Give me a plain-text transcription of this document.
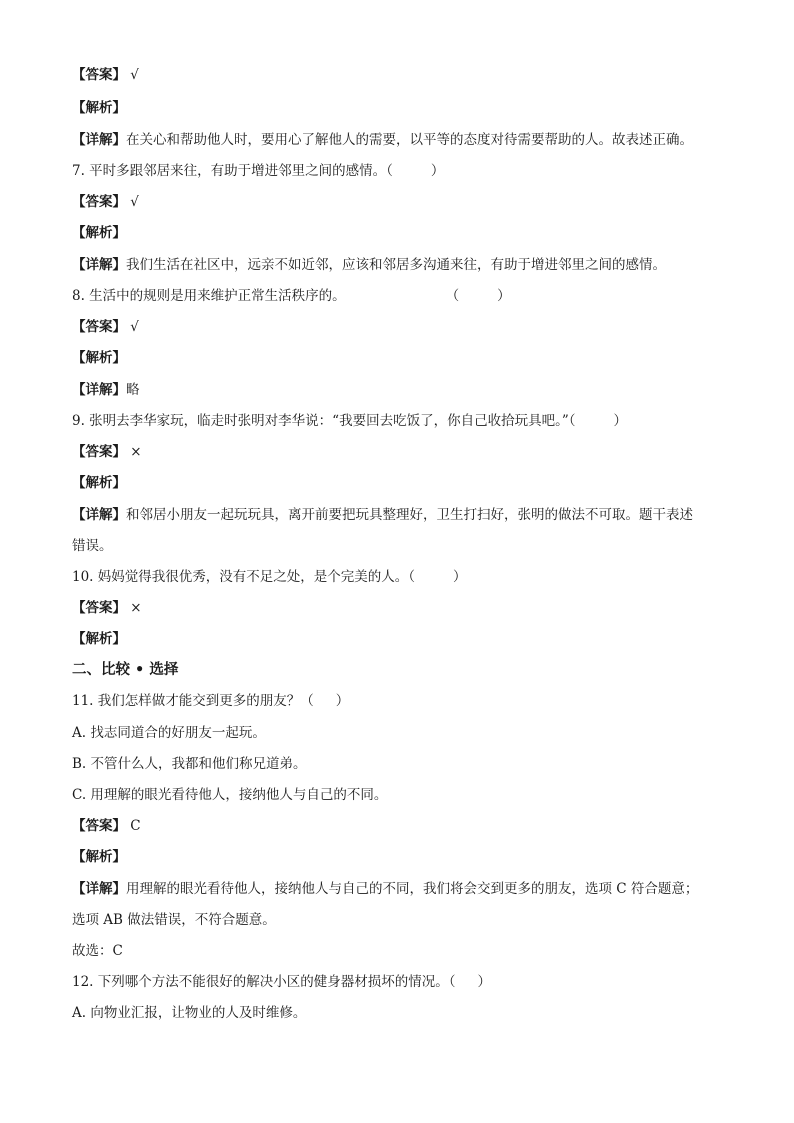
【答案】 √
【解析】
【详解】在关心和帮助他人时，要用心了解他人的需要，以平等的态度对待需要帮助的人。故表述正确。
7. 平时多跟邻居来往，有助于增进邻里之间的感情。（	）
【答案】 √
【解析】
【详解】我们生活在社区中，远亲不如近邻，应该和邻居多沟通来往，有助于增进邻里之间的感情。
8. 生活中的规则是用来维护正常生活秩序的。	（	）
【答案】 √
【解析】
【详解】略
9. 张明去李华家玩，临走时张明对李华说：“我要回去吃饭了，你自己收拾玩具吧。”（	）
【答案】 ×
【解析】
【详解】和邻居小朋友一起玩玩具，离开前要把玩具整理好，卫生打扫好，张明的做法不可取。题干表述
错误。
10. 妈妈觉得我很优秀，没有不足之处，是个完美的人。（	）
【答案】 ×
【解析】
二、比较 • 选择
11. 我们怎样做才能交到更多的朋友？（ ）
A. 找志同道合的好朋友一起玩。
B. 不管什么人，我都和他们称兄道弟。
C. 用理解的眼光看待他人，接纳他人与自己的不同。
【答案】 C
【解析】
【详解】用理解的眼光看待他人，接纳他人与自己的不同，我们将会交到更多的朋友，选项 C 符合题意；
选项 AB 做法错误，不符合题意。
故选：C
12. 下列哪个方法不能很好的解决小区的健身器材损坏的情况。（ ）
A. 向物业汇报，让物业的人及时维修。
